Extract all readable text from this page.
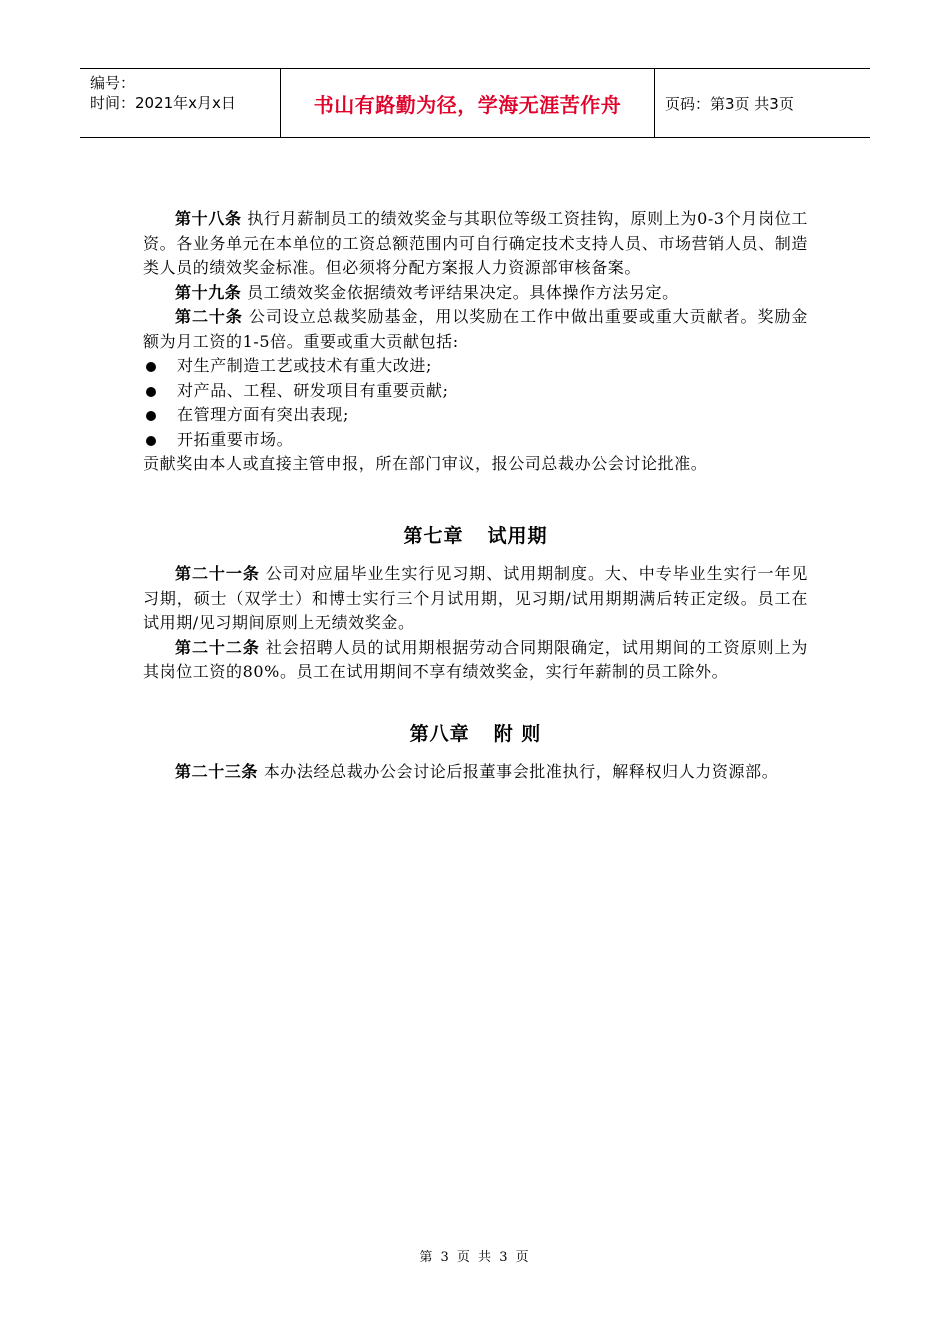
编号：
时间：2021年x月x日	书山有路勤为径，学海无涯苦作舟	页码：第3页 共3页

第十八条 执行月薪制员工的绩效奖金与其职位等级工资挂钩，原则上为0-3个月岗位工资。各业务单元在本单位的工资总额范围内可自行确定技术支持人员、市场营销人员、制造类人员的绩效奖金标准。但必须将分配方案报人力资源部审核备案。

第十九条 员工绩效奖金依据绩效考评结果决定。具体操作方法另定。

第二十条 公司设立总裁奖励基金，用以奖励在工作中做出重要或重大贡献者。奖励金额为月工资的1-5倍。重要或重大贡献包括:

对生产制造工艺或技术有重大改进;
对产品、工程、研发项目有重要贡献;
在管理方面有突出表现;
开拓重要市场。

贡献奖由本人或直接主管申报，所在部门审议，报公司总裁办公会讨论批准。

第七章 试用期

第二十一条 公司对应届毕业生实行见习期、试用期制度。大、中专毕业生实行一年见习期，硕士（双学士）和博士实行三个月试用期，见习期/试用期期满后转正定级。员工在试用期/见习期间原则上无绩效奖金。

第二十二条 社会招聘人员的试用期根据劳动合同期限确定，试用期间的工资原则上为其岗位工资的80%。员工在试用期间不享有绩效奖金，实行年薪制的员工除外。

第八章 附 则

第二十三条 本办法经总裁办公会讨论后报董事会批准执行，解释权归人力资源部。

第 3 页 共 3 页
